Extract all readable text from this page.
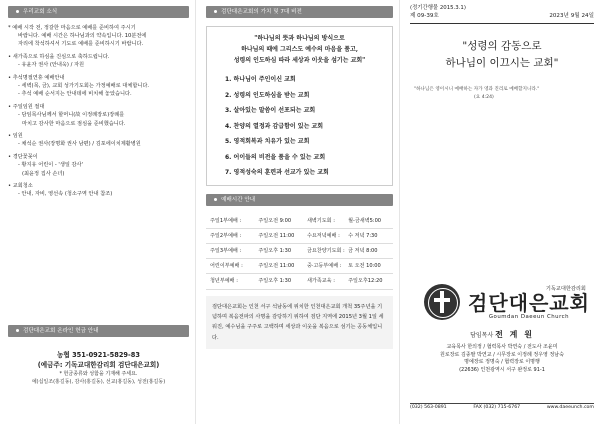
우리교회 소식
* 예배 시작 전, 정갈한 마음으로 예배를 준비하여 주시기
바랍니다. 예배 시간은 하나님과의 약속입니다. 10분전에
자리에 착석하셔서 기도로 예배를 준비하시기 바랍니다.
• 새가족으로 하심을 진심으로 축하드립니다.
- 유윤자 권사 (안내욱) / 자원
• 추석명절연휴 예배안내
- 세벽(목, 금), 교회 성가기도회는 가정예배로 대체합니다.
- 추석 예배 순서지는 안내데에 비치해 놓았습니다.
• 주일임원 절대
- 담임목사님께서 할머니(故 이정례장로)장례를
마치고 감사한 마음으로 점심을 준비했습니다.
• 임원
- 채석순 권사(장명화 권사 남편) / 김포에이치제활병원
• 경단꽃꽂이
- 황지유 어린이 - '생일 감사'
(최윤정 집사 손녀)
• 교회청소
- 안내, 자비, 영선속 (청소구역 안내 참조)
검단대은교회 온라인 헌금 안내
농협 351-0921-5829-83
(예금주: 기독교대한감리회 검단대은교회)
* 헌금종류와 성함을 기재해 주세요.
예)십일조(홍길동), 감사(홍길동), 선교(홍길동), 성전(홍길동)
검단대은교회의 가치 및 7대 비전
"하나님의 뜻과 하나님의 방식으로
하나님의 때에 그리스도 예수의 마음을 품고,
성령의 인도하심 따라 세상과 이웃을 섬기는 교회"
1. 하나님이 주인이신 교회
2. 성령의 인도하심을 받는 교회
3. 살아있는 말씀이 선포되는 교회
4. 찬양의 열정과 감급함이 있는 교회
5. 영적회복과 치유가 있는 교회
6. 어이들의 비전을 품을 수 있는 교회
7. 영적성숙의 훈련과 선교가 있는 교회
예배시간 안내
주일1부예배 :	주일오전 9:00	새벽기도회 :	월-금새벽5:00
주일2부예배 :	주일오전 11:00	수요저녁예배 :	수 저녁 7:30
주일3부예배 :	주일오후 1:30	금요찬양기도회 :	금 저녁 8:00
어린이부예배 :	주일오전 11:00	중·고등부예배 :	토 오전 10:00
청년부예배 :	주일오후 1:30	새가족교육 :	주일오후12:20
검단대은교회는 인천 서구 석남동에 위치한 인천대은교회 개척 35주년을 기념하며 복음전파의 사명을 감당하기 위하여 검단 지역에 2015년 3월 1일 세워진, 예수님을 구주로 고백하며 세상과 이웃을 복음으로 섬기는 공동체입니다.
(정기간행물 2015.3.1)
제 09-39호	2023년 9월 24일
"성령의 감동으로
하나님이 이끄시는 교회"
"하나님은 영이시니 예배하는 자가 영과 진리로 예배할지니라."
(요 4:24)
기독교대한감리회
검단대은교회
Goumdan Daeeun Church
담임목사 전 계 원
교육목사 한의정 / 협력목사 박연숙 / 전도사 조윤미
원로장로 김종팔 박연교 / 시무장로 이정례 정우영 정남숙
명예장로 정명숙 / 협력장로 이명행
(22636) 인천광역시 서구 완정로 91-1
(032) 563-0891	FAX (032) 715-6767	www.daeeunch.com
